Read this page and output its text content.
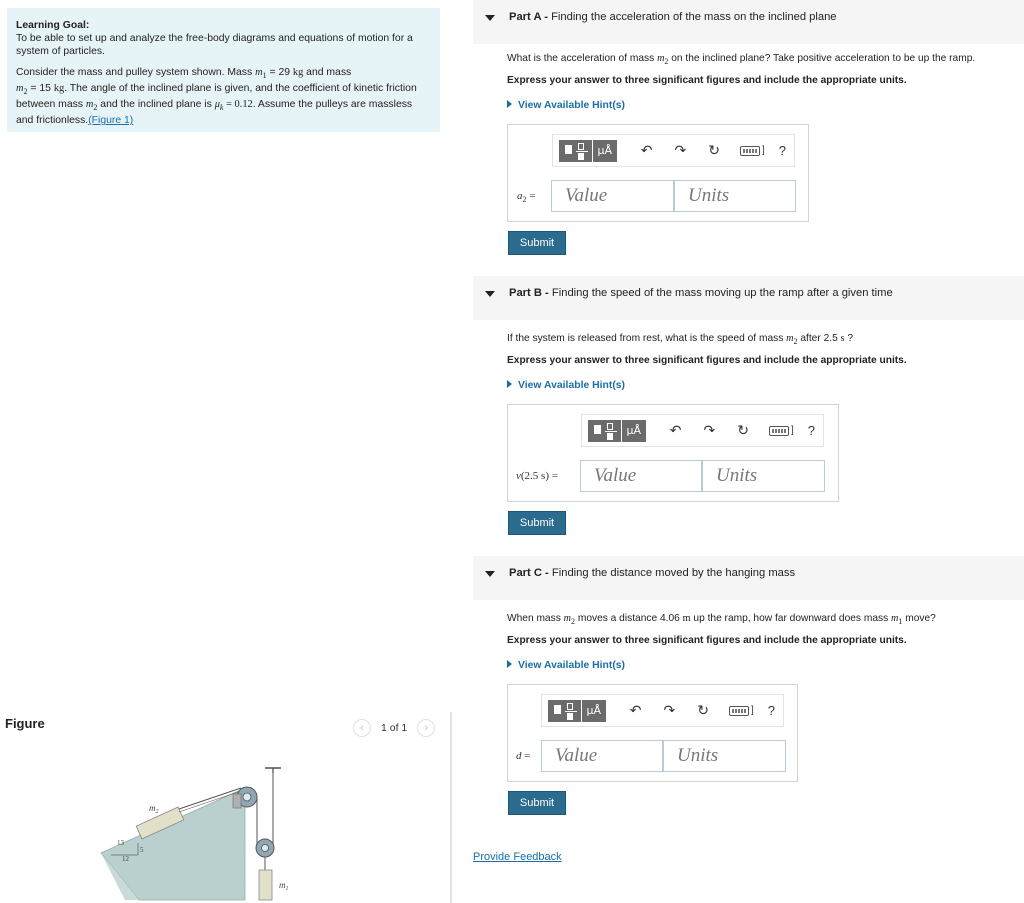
Learning Goal:

To be able to set up and analyze the free-body diagrams and equations of motion for a system of particles.

Consider the mass and pulley system shown. Mass $m_1 = 29$ kg and mass
$m_2 = 15$ kg. The angle of the inclined plane is given, and the coefficient of kinetic friction between mass $m_2$ and the inclined plane is $\mu_k = 0.12$. Assume the pulleys are massless and frictionless.(Figure 1)

Figure	‹	1 of 1	›
13
12
5
$m_2$
$m_1$
Part A - Finding the acceleration of the mass on the inclined plane
What is the acceleration of mass $m_2$ on the inclined plane? Take positive acceleration to be up the ramp.
Express your answer to three significant figures and include the appropriate units.
View Available Hint(s)
μÅ	↶ ↷ ↻	] ?
$a_2$ =	Value	Units
Submit
Part B - Finding the speed of the mass moving up the ramp after a given time
If the system is released from rest, what is the speed of mass $m_2$ after 2.5 s ?
Express your answer to three significant figures and include the appropriate units.
View Available Hint(s)
μÅ	↶ ↷ ↻	] ?
v(2.5 s) =	Value	Units
Submit
Part C - Finding the distance moved by the hanging mass
When mass $m_2$ moves a distance 4.06 m up the ramp, how far downward does mass $m_1$ move?
Express your answer to three significant figures and include the appropriate units.
View Available Hint(s)
μÅ	↶ ↷ ↻	] ?
d =	Value	Units
Submit
Provide Feedback
